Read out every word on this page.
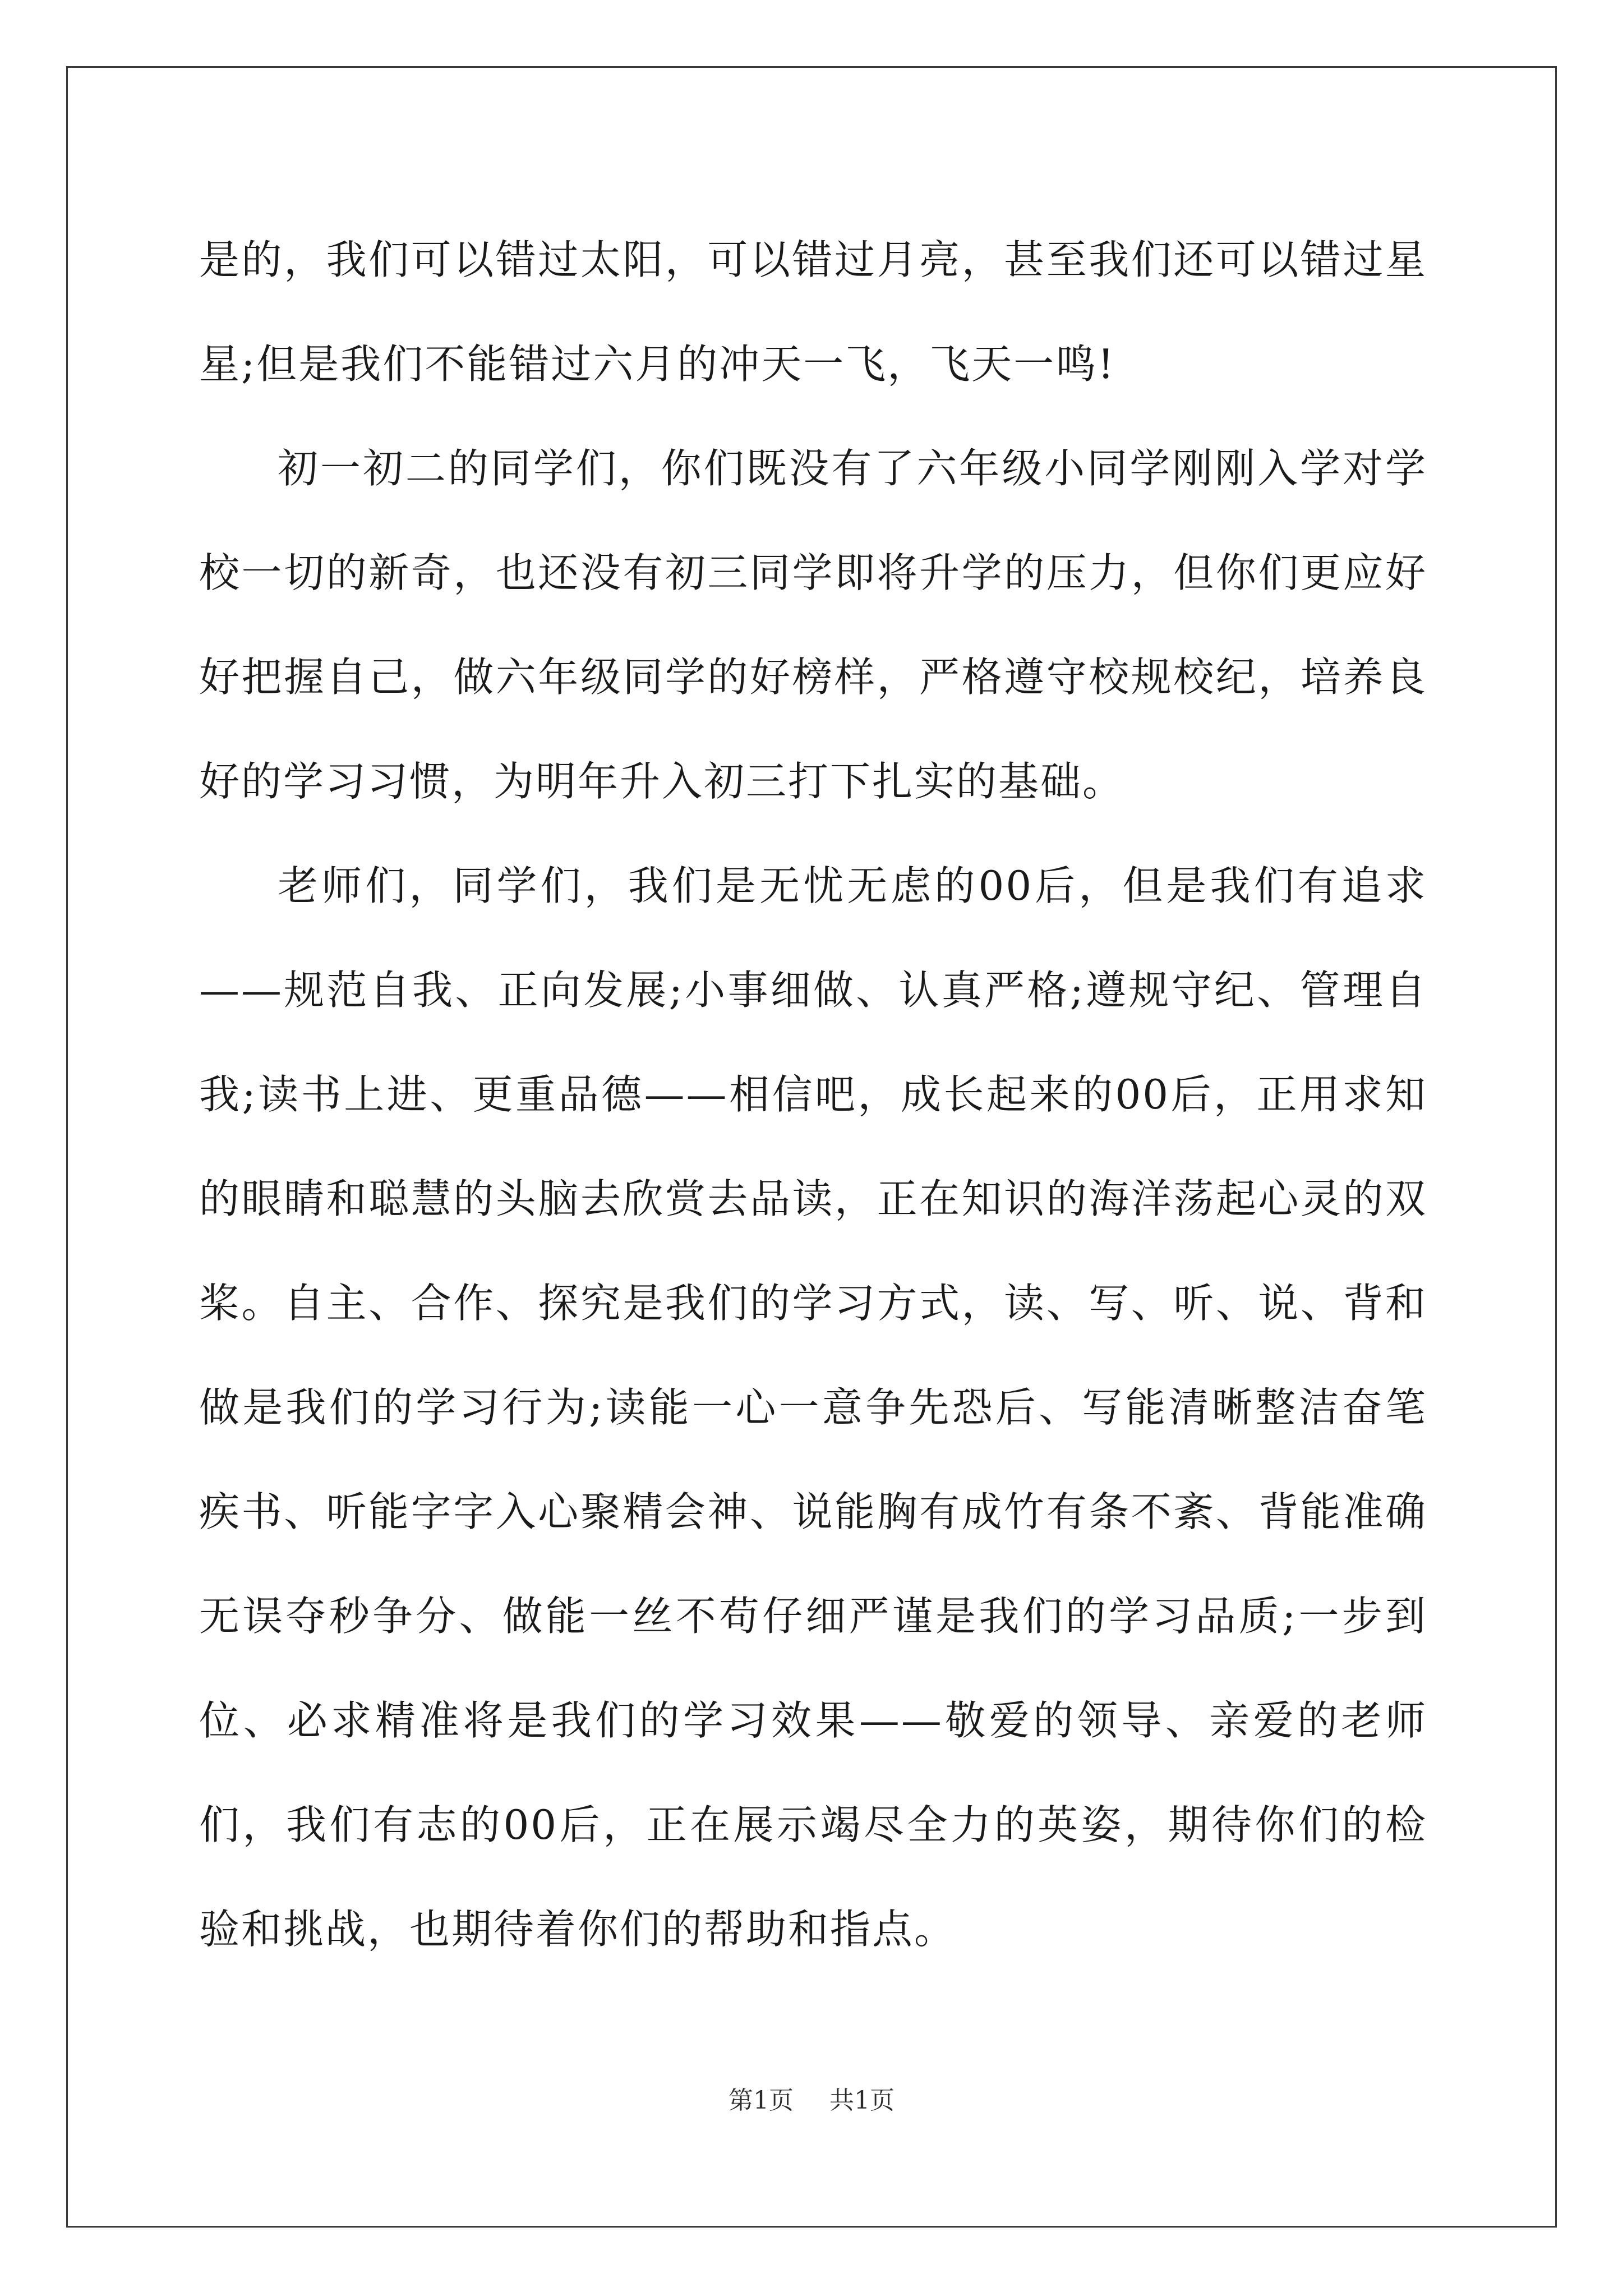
是的，我们可以错过太阳，可以错过月亮，甚至我们还可以错过星星;但是我们不能错过六月的冲天一飞，飞天一鸣!

初一初二的同学们，你们既没有了六年级小同学刚刚入学对学校一切的新奇，也还没有初三同学即将升学的压力，但你们更应好好把握自己，做六年级同学的好榜样，严格遵守校规校纪，培养良好的学习习惯，为明年升入初三打下扎实的基础。

老师们，同学们，我们是无忧无虑的00后，但是我们有追求——规范自我、正向发展;小事细做、认真严格;遵规守纪、管理自我;读书上进、更重品德——相信吧，成长起来的00后，正用求知的眼睛和聪慧的头脑去欣赏去品读，正在知识的海洋荡起心灵的双桨。自主、合作、探究是我们的学习方式，读、写、听、说、背和做是我们的学习行为;读能一心一意争先恐后、写能清晰整洁奋笔疾书、听能字字入心聚精会神、说能胸有成竹有条不紊、背能准确无误夺秒争分、做能一丝不苟仔细严谨是我们的学习品质;一步到位、必求精准将是我们的学习效果——敬爱的领导、亲爱的老师们，我们有志的00后，正在展示竭尽全力的英姿，期待你们的检验和挑战，也期待着你们的帮助和指点。

第1页 共1页
